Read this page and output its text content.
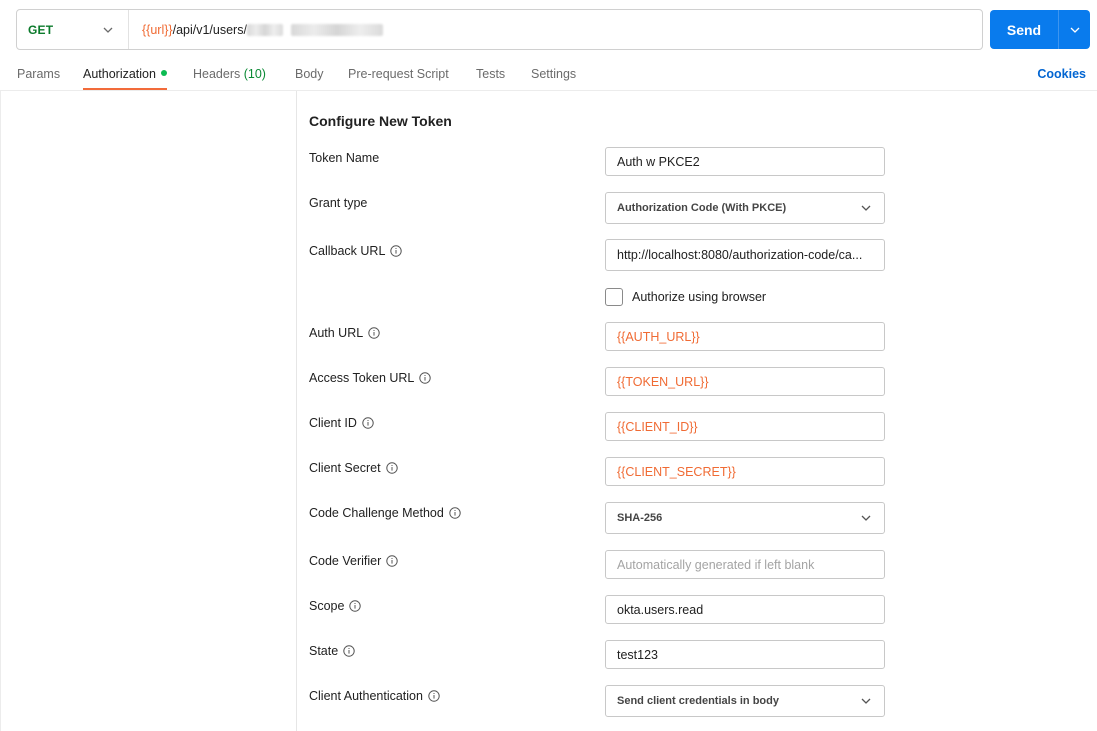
GET	{{url}} /api/v1/users/	Send
Params Authorization	Headers (10) Body Pre-request Script Tests Settings	Cookies
Configure New Token
Token Name	Auth w PKCE2
Grant type	Authorization Code (With PKCE)
Callback URL	http://localhost:8080/authorization-code/ca...
Authorize using browser
Auth URL	{{AUTH_URL}}
Access Token URL	{{TOKEN_URL}}
Client ID	{{CLIENT_ID}}
Client Secret	{{CLIENT_SECRET}}
Code Challenge Method	SHA-256
Code Verifier	Automatically generated if left blank
Scope	okta.users.read
State	test123
Client Authentication	Send client credentials in body
